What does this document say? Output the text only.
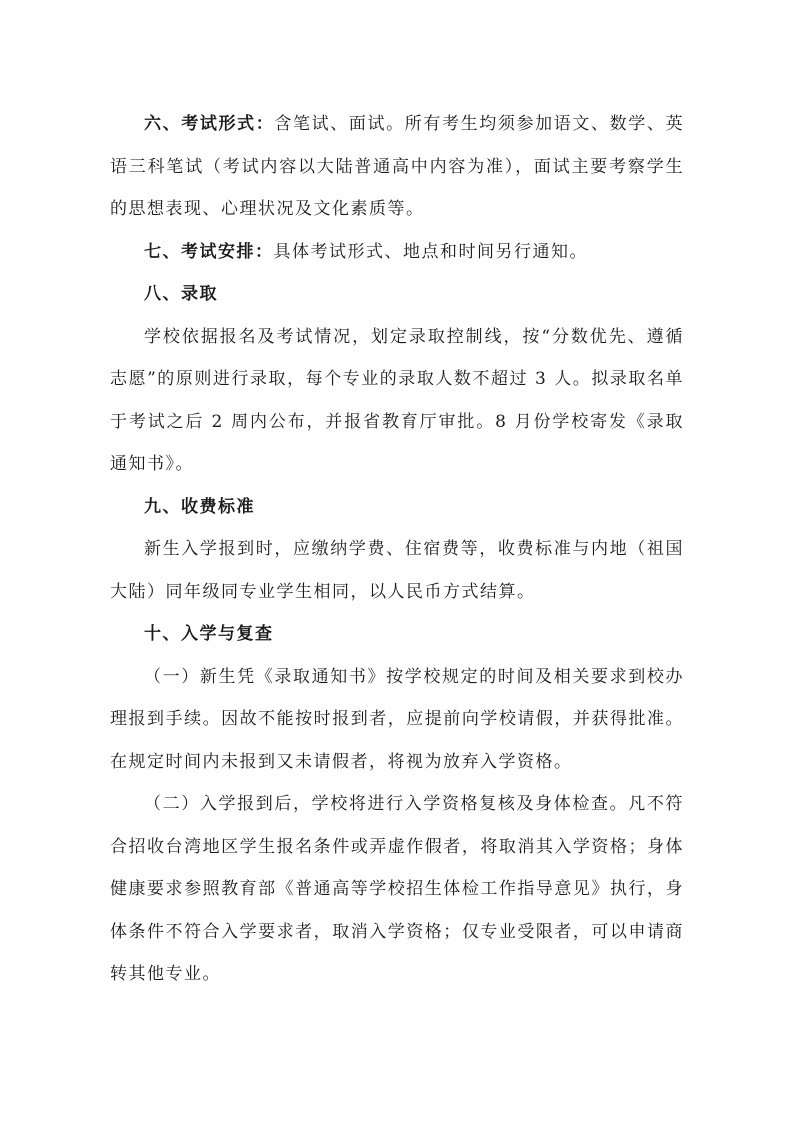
六、考试形式：含笔试、面试。所有考生均须参加语文、数学、英语三科笔试（考试内容以大陆普通高中内容为准），面试主要考察学生的思想表现、心理状况及文化素质等。

七、考试安排：具体考试形式、地点和时间另行通知。

八、录取

学校依据报名及考试情况，划定录取控制线，按“分数优先、遵循志愿”的原则进行录取，每个专业的录取人数不超过 3 人。拟录取名单于考试之后 2 周内公布，并报省教育厅审批。8 月份学校寄发《录取通知书》。

九、收费标准

新生入学报到时，应缴纳学费、住宿费等，收费标准与内地（祖国大陆）同年级同专业学生相同，以人民币方式结算。

十、入学与复查

（一）新生凭《录取通知书》按学校规定的时间及相关要求到校办理报到手续。因故不能按时报到者，应提前向学校请假，并获得批准。在规定时间内未报到又未请假者，将视为放弃入学资格。

（二）入学报到后，学校将进行入学资格复核及身体检查。凡不符合招收台湾地区学生报名条件或弄虚作假者，将取消其入学资格；身体健康要求参照教育部《普通高等学校招生体检工作指导意见》执行，身体条件不符合入学要求者，取消入学资格；仅专业受限者，可以申请商转其他专业。
